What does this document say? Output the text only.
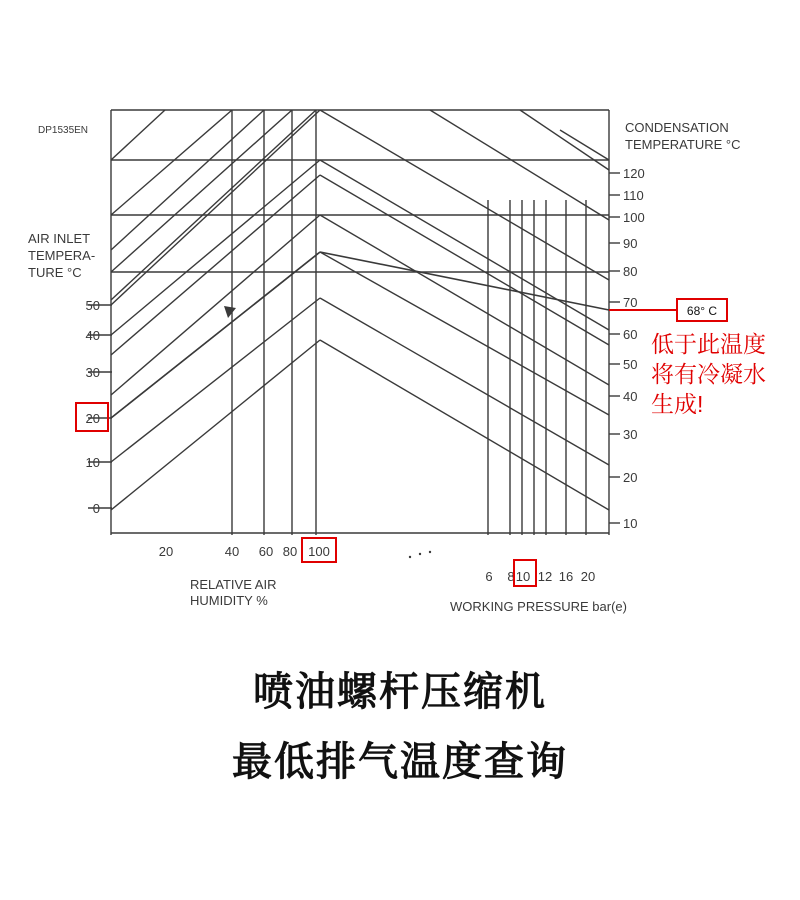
DP1535EN
AIR INLET
TEMPERA-
TURE °C
50
40
30
20
10
0
20	40 60 80 100
RELATIVE AIR
HUMIDITY %
6 8 10 12 16 20
WORKING PRESSURE bar(e)
CONDENSATION
TEMPERATURE °C
120
110
100
90
80
70
60
50
40
30
20
10
68° C
低于此温度
将有冷凝水
生成!
喷油螺杆压缩机
最低排气温度查询
